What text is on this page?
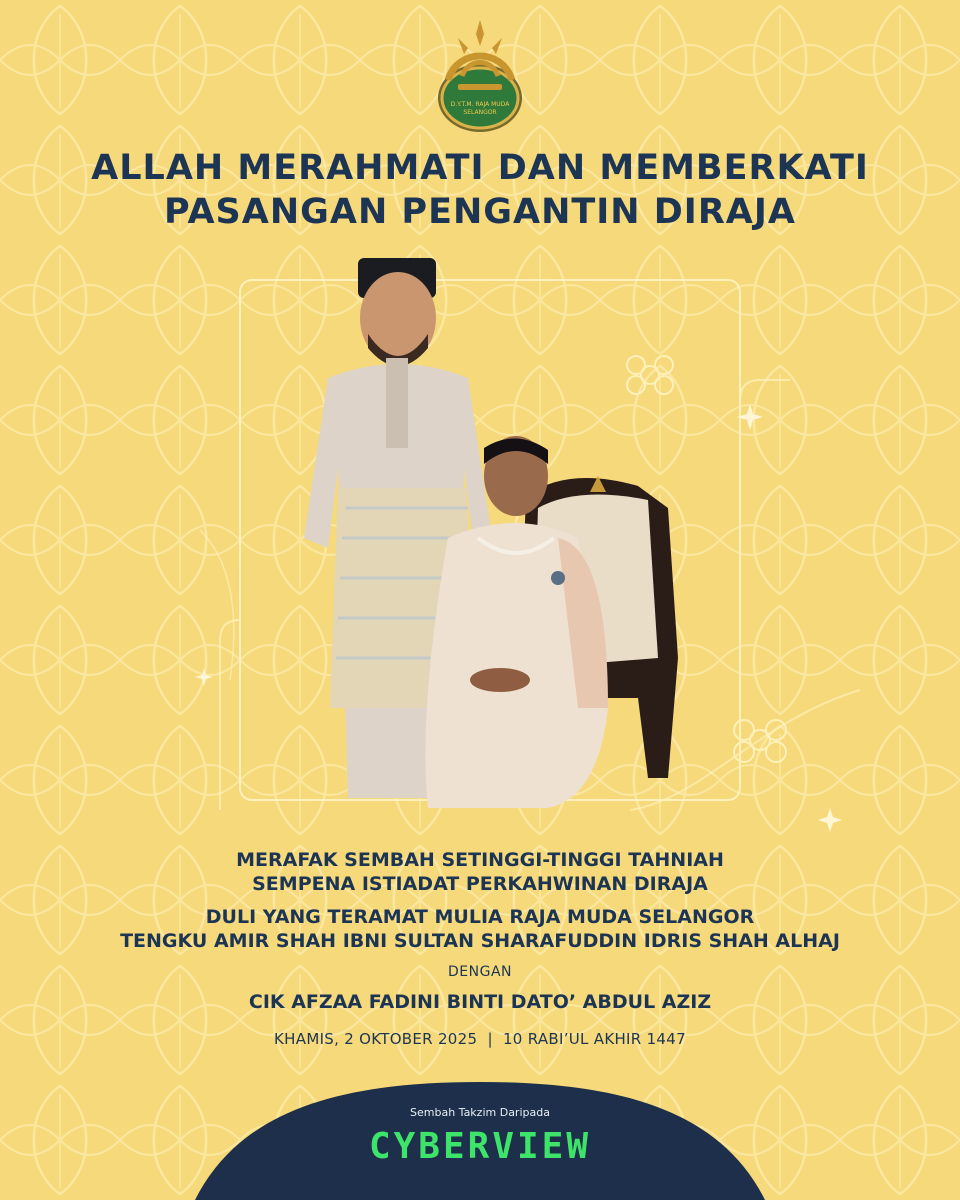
D.Y.T.M. RAJA MUDA
SELANGOR
ALLAH MERAHMATI DAN MEMBERKATI
PASANGAN PENGANTIN DIRAJA
MERAFAK SEMBAH SETINGGI-TINGGI TAHNIAH
SEMPENA ISTIADAT PERKAHWINAN DIRAJA
DULI YANG TERAMAT MULIA RAJA MUDA SELANGOR
TENGKU AMIR SHAH IBNI SULTAN SHARAFUDDIN IDRIS SHAH ALHAJ
DENGAN
CIK AFZAA FADINI BINTI DATO’ ABDUL AZIZ
KHAMIS, 2 OKTOBER 2025  |  10 RABI’UL AKHIR 1447
Sembah Takzim Daripada
CYBERVIEW
